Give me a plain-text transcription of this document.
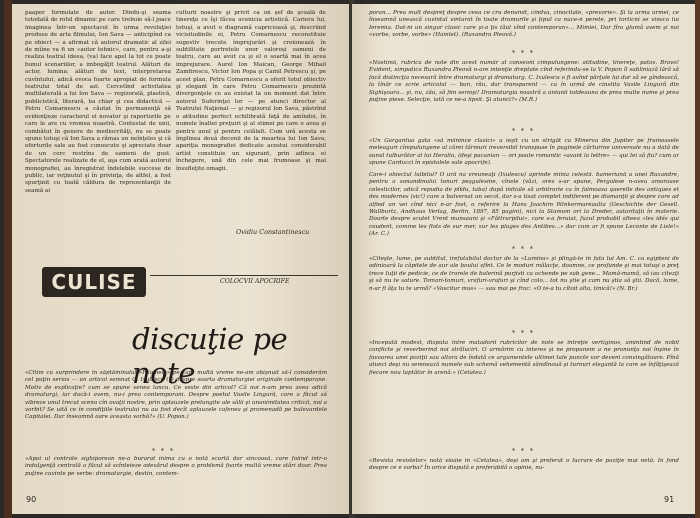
paaper formulate de autor. Dindu-şi seama totodată de rolul dinamic pe care trebuie să-l joace imaginea într-un spectacol în urma revoluţiei produse de arta filmului, Ion Sava — anticipînd ca pe obiect — a afirmat că autorul dramatic al zilei de mîine va fi un «autor tehnic», care, pentru a-şi realiza teatral ideea, (va) face apel la tot ce poate bunul scenariilor, a imbogăţit teatrul. Alături de actor, lumina: alături de text, interpretarea cuvîntului, adică evoca foarte apropiat de formula teatrului total de azi. Cercetînd activitatea multilaterală a lui Ion Sava — regizorală, plastică, publicistică, literară, ba chiar şi cea didactică — Petru Comarnescu a căutat în permanenţă să evidenţieze caracterul ei novator şi raporturile pe care le are cu vremea noastră. Contestat de unii, combătut în genere de mediocrităţi, nu se poate spune totuşi că Ion Sava a rămas un neînţeles şi că eforturile sale au fost cunoscute şi apreciate doar de un cerc restrîns de oameni de gust. Spectatorele realizate de el, aşa cum arată autorul monografiei, au înregistrat îndelebile succese de public, iar reţinutul şi în privinţa, de altfel, a fost spurţinit cu toată căldura de reprezentanţii de seamă ai
culturii noastre şi privit ca un şef de şcoală de tinereţe ce îşi făcea ucenicia artistică. Cariera lui, totuşi, a avut o diagramă capricioasă şi, descriind vicisitudinile ei, Petru Comarnescu reconstituie sugestiv trecute împrejurări şi creionează în subtilitate portretele unor valoroşi oameni de teatru, care au avut ca şi el o soartă mai în acea imprejurare. Aurel Ion Maican, George Mihail Zamfirescu, Victor Ion Popa şi Camil Petrescu şi, pe acest plan, Petru Comarnescu a oferit totul obiectiv şi elegant în care Petru Comarnescu prezintă divergenţele ce au existat la un moment dat între autorul Suferinţei lor — pe atunci director al Teatrului Naţional — şi regizorul Ion Sava, păstrînd o atitudine perfect echilibrată faţă de amîndoi, în numele înaltei preţuiri şi al stimei pe care o avea şi pentru unul şi pentru celălalt. Cum ură acesta se împlinea două decenii de la moartea lui Ion Sava, apariţia monografiei dedicate acestui considerabil artist constituie un sigurant, prin adînca ei închegere, ună din cele mai frumoase şi mai însufleţite omagii.
Ovidiu Constantinescu
CULISE	COLOCVII APOCRIFE
discuţie pe note
«Citim cu surprindere în săptămînalul «Filomela» pe care multă vreme ne-am obişnuit să-l considerăm cel puţin serios — un articol semnat C. Ixulescu (?) despre soarta dramaturgiei originale contemporane. Motiv de explicaţie? cum se spune venea lancu. Ce veste din articol? Că noi n-am prea avea adică dramaturgi, iar dacă-i avem, nu-i prea contemporani. Despre poetul Vasile Lingură, care a făcut să vibreze unul trecut scena cîn ovaţii nostre, prin aplauzele prelungite ale sălii şi unanimitatea criticii, noi a vorbit? Se uită ce în condiţiile teatrului nu au fost decît aplauzele cafenea şi promenadă pe bulevardele Capitalei. Dar înseamnă oare aceasta vorbă?» (U. Popon.)
* * *
«Apoi ul contrate sighiporean ne-a burarat inima cu o notă scurtă dar sîncoasă, care foiind intr-o indulgenţă centrală a făcut să scînteieze adevărul despre o problemă foarte multă vreme stări doar. Prea puţine cuvinte pe verbe: dramaturgie, destin, contem-
90
poran... Prea mult despreţ despre ceea ce cru denumit, cîndva, cinocitate, «prevorie». Şi la urma urmei, ce înseamnă unească cuvintul vinturat în toate dramurile şi ţipul ca nuce-n perete, pri torticni se vinsca lui Ieremia. Dat-ni un singur clasic care şi-a ţis tăul vînd contemporan»... Mimiei, Dar fîra glumă avem şi noi «vorbe, vorbe, vorbe» (Hamlet). (Ruxandra Pleovă.)
* * *
«Nostimă, rubrica de note din acest număr al conseoni cîmpulungene: atitudine, tinereţe, patos. Bravo! Evident, simpatica Ruxandra Pleovă n-are intenţie dreptate cînd referindu-se la V. Popon îl subliniază lără să facă distincţia necesară între dramaturgi şi dramaturg. C. Ixulescu o fi avînd părţule lui dar să se gîndească, la tînăr ce scrie articolul — bun, rău, dar transparent — ca în urmă de cinstita Vasile Lingură din Sighişoara... şi, nu, zău, să fiin serioşi! Dramaturgia noastră a uniunii totdeauna de prea multe nume şi prea puţine piese. Selecţie, iată ce ne-a lipsit. Şi atunci?» (M.R.)
* * *
«Un Gargantua gata «să mănînce clasici» a ieşit cu un strigăt ca Minerva din Jupiter pe frumoasele meleaguri cîmpulungene al cărei tărmuri ireversibil transpuse în paginele cărturine universale nu a dată de sunul tulburător al lui Heraliu, (deşi pacanian — ori poate romantic «avant la lettre» — qui Iei să fiu? cum ar spune Carducci în epistolele sale apocrife).
Care-i obiectul luibilui? O ură na vreuneaţi (Ixulescu) aprinde mînia celestă. bameriană a unei Ruxandre, pentru a sonandinului tonuri peşgulesine, cînele (văzi, ores s-ar spune, Pergolese n-avea amoroase celesticilor, adică repudia de plîdu, taba) după initiale să arbitrarie ca în falmoasa querelle des antiques et des modernes (sic!) care a bulversat un secol, dar s-a tisat complet indiferent pe diamanţii şi despre care ad alfied un vei cînd nici n-ar fost, o referire la Hans Joachim Winkermareaulta (Geschichte der Gesell. Wallburtz, Andhaus Verlag, Berlin, 1897, 85 pagini), nici la Stamom ori la Dreder, autoritaţii în materie. Doarte despre scutet Vrent mansauni şi «Făttrurpilui», care s-a feruiat, fuzul probabil alteea «les idés qui coudent, comme les flots de sur mer, sur les plages des Antibes...» dar cum ar fi spune Leconte de Lisle!» (Ar. C.)
* * *
«Citeşte, lume, pe subtitul, irefutabilul doctor de la «Lumina» şi plîngă-te în fata lui Am. C. ca egipteni de odinioară la căpitele de aur ale boului sfînt. Ce le moduri mălacţe, doamne, ce profunde şi mai totuşi o preţ trece Iuţii de pedicie, ce de trarele de balerină purjisti ca ochende pe sub gene... Mamă-mamă, să iau citezţi şi să nu te sature. Tomari-tomuri, vrafuri-vrafuri şi cînd colo... tot nu ştie şi cam nu ştia să ştii. Dacă, lume, n-ar fi ăţa tu te urmă? «Vascitur mus» — sau mai pe frac: «O te-a tu cîtoit alta, tinică!» (N. Br.)
* * *
«Începută modest, disputa între matadorii rubricilor de note se întreţie vertiginos, amintind de nobil conflicte şi reverberind noi străluciri. O urmărim cu interes şi ne propunem a ne pronunţa noi înşine în favoarea unei poziţii sau altora de îndată ce argumentele ultimei tale puncte vor deveni convingătoare. Pînă atunci deşi nu semnează numele sub schemă vehementă săndînouă şi turnuri elegantă la care se înfăţişează fiecare nou luptător în arenă.» (Cetatea.)
* * *
«Revista revistelor» notă vioaie în «Cetatea», deşi am şi preferat o lucrare de poziţie mai netă. În fond despre ce e vorba? În orice dispută e preferabilă o opinie, nu-
91
